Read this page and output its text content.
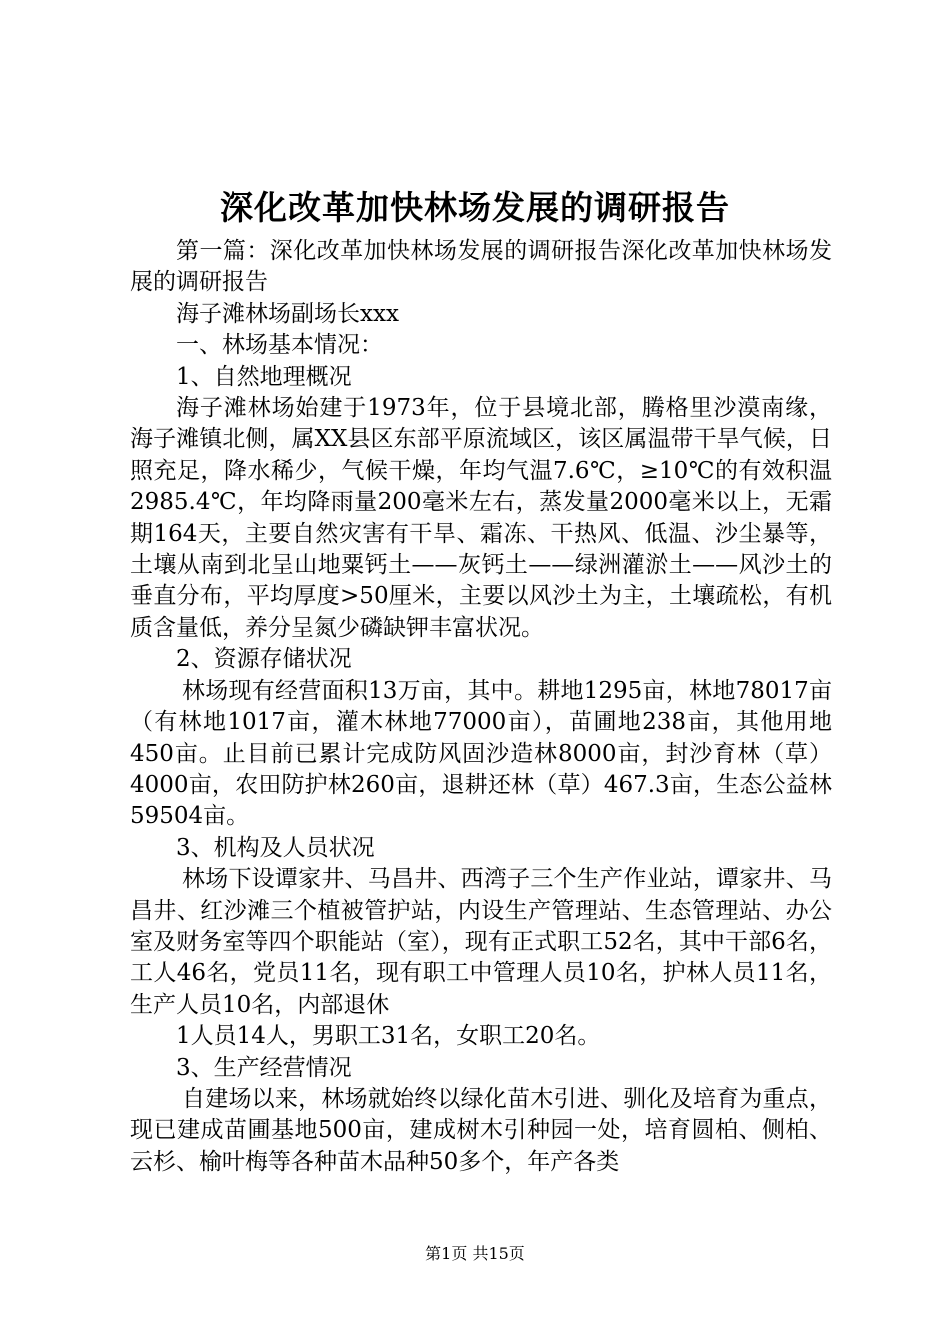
深化改革加快林场发展的调研报告

第一篇：深化改革加快林场发展的调研报告深化改革加快林场发展的调研报告

海子滩林场副场长xxx

一、林场基本情况：

1、自然地理概况

海子滩林场始建于1973年，位于县境北部，腾格里沙漠南缘，海子滩镇北侧，属XX县区东部平原流域区，该区属温带干旱气候，日照充足，降水稀少，气候干燥，年均气温7.6℃，≥10℃的有效积温2985.4℃，年均降雨量200毫米左右，蒸发量2000毫米以上，无霜期164天，主要自然灾害有干旱、霜冻、干热风、低温、沙尘暴等，土壤从南到北呈山地粟钙土——灰钙土——绿洲灌淤土——风沙土的垂直分布，平均厚度>50厘米，主要以风沙土为主，土壤疏松，有机质含量低，养分呈氮少磷缺钾丰富状况。

2、资源存储状况

林场现有经营面积13万亩，其中。耕地1295亩，林地78017亩（有林地1017亩，灌木林地77000亩），苗圃地238亩，其他用地450亩。止目前已累计完成防风固沙造林8000亩，封沙育林（草）4000亩，农田防护林260亩，退耕还林（草）467.3亩，生态公益林59504亩。

3、机构及人员状况

林场下设谭家井、马昌井、西湾子三个生产作业站，谭家井、马昌井、红沙滩三个植被管护站，内设生产管理站、生态管理站、办公室及财务室等四个职能站（室），现有正式职工52名，其中干部6名，工人46名，党员11名，现有职工中管理人员10名，护林人员11名，生产人员10名，内部退休

1人员14人，男职工31名，女职工20名。

3、生产经营情况

自建场以来，林场就始终以绿化苗木引进、驯化及培育为重点，现已建成苗圃基地500亩，建成树木引种园一处，培育圆柏、侧柏、云杉、榆叶梅等各种苗木品种50多个，年产各类

第1页 共15页
